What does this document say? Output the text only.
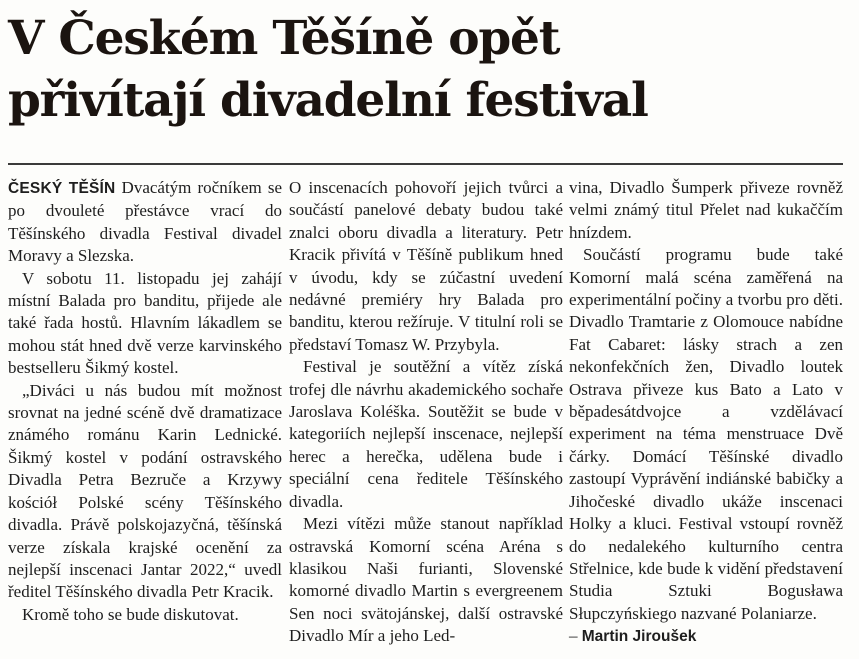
V Českém Těšíně opět
přivítají divadelní festival

ČESKÝ TĚŠÍN Dvacátým ročníkem se po dvouleté přestávce vrací do Těšínského divadla Festival divadel Moravy a Slezska.

V sobotu 11. listopadu jej zahájí místní Balada pro banditu, přijede ale také řada hostů. Hlavním lákadlem se mohou stát hned dvě verze karvinského bestselleru Šikmý kostel.

„Diváci u nás budou mít možnost srovnat na jedné scéně dvě dramatizace známého románu Karin Lednické. Šikmý kostel v podání ostravského Divadla Petra Bezruče a Krzywy kościół Polské scény Těšínského divadla. Právě polskojazyčná, těšínská verze získala krajské ocenění za nejlepší inscenaci Jantar 2022,“ uvedl ředitel Těšínského divadla Petr Kracik.

Kromě toho se bude diskutovat.

O inscenacích pohovoří jejich tvůrci a součástí panelové debaty budou také znalci oboru divadla a literatury. Petr Kracik přivítá v Těšíně publikum hned v úvodu, kdy se zúčastní uvedení nedávné premiéry hry Balada pro banditu, kterou režíruje. V titulní roli se představí Tomasz W. Przybyla.

Festival je soutěžní a vítěz získá trofej dle návrhu akademického sochaře Jaroslava Koléška. Soutěžit se bude v kategoriích nejlepší inscenace, nejlepší herec a herečka, udělena bude i speciální cena ředitele Těšínského divadla.

Mezi vítězi může stanout například ostravská Komorní scéna Aréna s klasikou Naši furianti, Slovenské komorné divadlo Martin s evergreenem Sen noci svätojánskej, další ostravské Divadlo Mír a jeho Led-

vina, Divadlo Šumperk přiveze rovněž velmi známý titul Přelet nad kukaččím hnízdem.

Součástí programu bude také Komorní malá scéna zaměřená na experimentální počiny a tvorbu pro děti. Divadlo Tramtarie z Olomouce nabídne Fat Cabaret: lásky strach a zen nekonfekčních žen, Divadlo loutek Ostrava přiveze kus Bato a Lato v běpadesátdvojce a vzdělávací experiment na téma menstruace Dvě čárky. Domácí Těšínské divadlo zastoupí Vyprávění indiánské babičky a Jihočeské divadlo ukáže inscenaci Holky a kluci. Festival vstoupí rovněž do nedalekého kulturního centra Střelnice, kde bude k vidění představení Studia Sztuki Bogusława Słupczyńskiego nazvané Polaniarze.

– Martin Jiroušek
